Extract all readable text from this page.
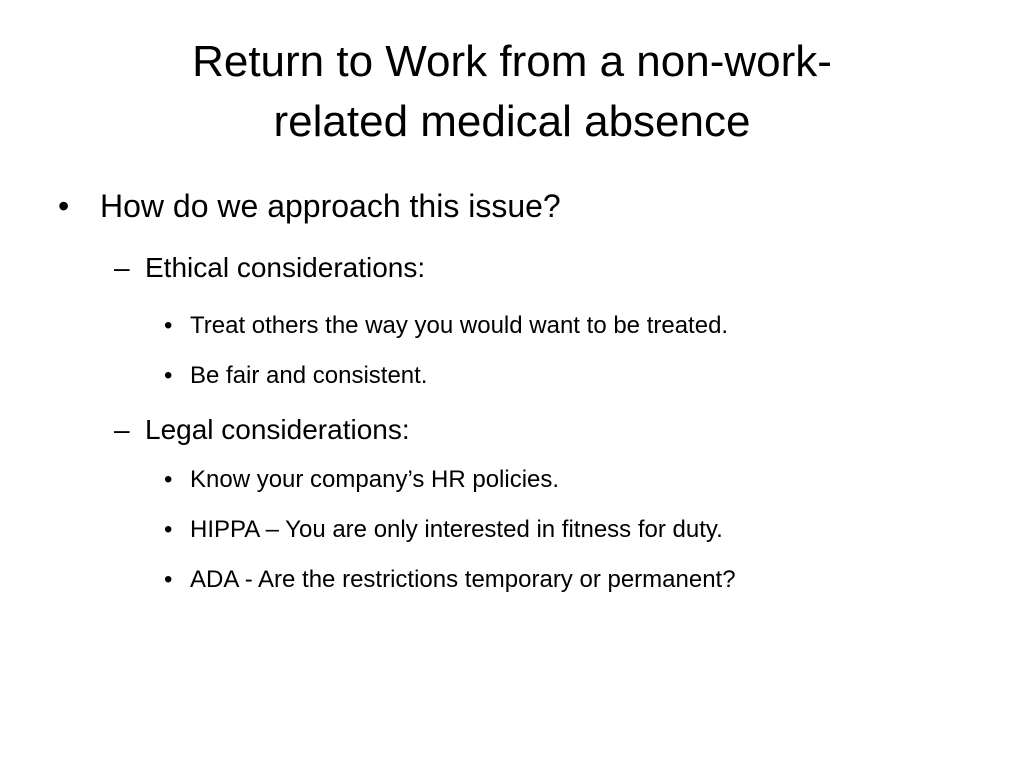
Return to Work from a non-work-
related medical absence
• How do we approach this issue?
– Ethical considerations:
• Treat others the way you would want to be treated.
• Be fair and consistent.
– Legal considerations:
• Know your company’s HR policies.
• HIPPA – You are only interested in fitness for duty.
• ADA - Are the restrictions temporary or permanent?
